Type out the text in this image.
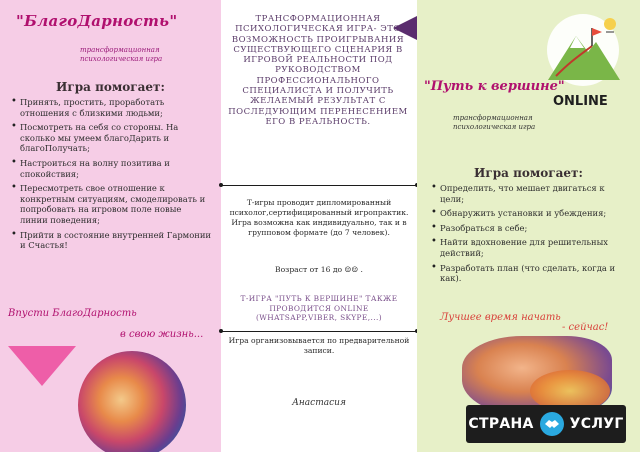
"БлагоДарность"
трансформационная психологическая игра
Игра помогает:
• Принять, простить, проработать отношения с близкими людьми;
• Посмотреть на себя со стороны. На сколько мы умеем благоДарить и благоПолучать;
• Настроиться на волну позитива и спокойствия;
• Пересмотреть свое отношение к конкретным ситуациям, смоделировать и попробовать на игровом поле новые линии поведения;
• Прийти в состояние внутренней Гармонии и Счастья!
Впусти БлагоДарность
в свою жизнь...
ТРАНСФОРМАЦИОННАЯ ПСИХОЛОГИЧЕСКАЯ ИГРА- ЭТО ВОЗМОЖНОСТЬ ПРОИГРЫВАНИЯ СУЩЕСТВУЮЩЕГО СЦЕНАРИЯ В ИГРОВОЙ РЕАЛЬНОСТИ ПОД РУКОВОДСТВОМ ПРОФЕССИОНАЛЬНОГО СПЕЦИАЛИСТА И ПОЛУЧИТЬ ЖЕЛАЕМЫЙ РЕЗУЛЬТАТ С ПОСЛЕДУЮЩИМ ПЕРЕНЕСЕНИЕМ ЕГО В РЕАЛЬНОСТЬ.
Т-игры проводит дипломированный психолог,сертифицированный игропрактик. Игра возможна как индивидуально, так и в групповом формате (до 7 человек).
Возраст от 16 до ☺☺ .
Т-ИГРА "ПУТЬ К ВЕРШИНЕ" ТАКЖЕ ПРОВОДИТСЯ ONLINE (WHATSAPP,VIBER, SKYPE,...)
Игра организовывается по предварительной записи.
Анастасия
"Путь к вершине"
ONLINE
трансформационная психологическая игра
Игра помогает:
• Определить, что мешает двигаться к цели;
• Обнаружить установки и убеждения;
• Разобраться в себе;
• Найти вдохновение для решительных действий;
• Разработать план (что сделать, когда и как).
Лучшее время начать
- сейчас!
СТРАНА	УСЛУГ
